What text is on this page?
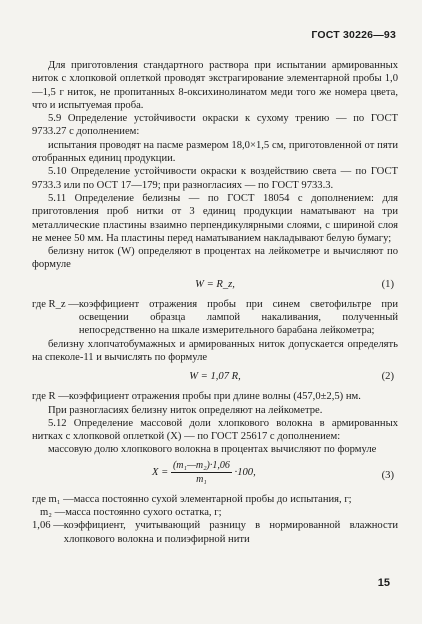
ГОСТ 30226—93

Для приготовления стандартного раствора при испытании армированных ниток с хлопковой оплеткой проводят экстрагирование элементарной пробы 1,0—1,5 г ниток, не пропитанных 8-оксихинолинатом меди того же номера цвета, что и испытуемая проба.

5.9 Определение устойчивости окраски к сухому трению — по ГОСТ 9733.27 с дополнением:

испытания проводят на пасме размером 18,0×1,5 см, приготовленной от пяти отобранных единиц продукции.

5.10 Определение устойчивости окраски к воздействию света — по ГОСТ 9733.3 или по ОСТ 17—179; при разногласиях — по ГОСТ 9733.3.

5.11 Определение белизны — по ГОСТ 18054 с дополнением: для приготовления проб нитки от 3 единиц продукции наматывают на три металлические пластины взаимно перпендикулярными слоями, с шириной слоя не менее 50 мм. На пластины перед наматыванием накладывают белую бумагу;

белизну ниток (W) определяют в процентах на лейкометре и вычисляют по формуле

W = R_z,	(1)
где R_z — коэффициент отражения пробы при синем светофильтре при освещении образца лампой накаливания, полученный непосредственно на шкале измерительного барабана лейкометра;

белизну хлопчатобумажных и армированных ниток допускается определять на спеколе-11 и вычислять по формуле

W = 1,07 R,	(2)
где R — коэффициент отражения пробы при длине волны (457,0±2,5) нм.

При разногласиях белизну ниток определяют на лейкометре.

5.12 Определение массовой доли хлопкового волокна в армированных нитках с хлопковой оплеткой (X) — по ГОСТ 25617 с дополнением:

массовую долю хлопкового волокна в процентах вычисляют по формуле

$X = \frac{\text{(m₁—m₂)·1,06}}{\text{m₁}} \cdot 100$,	(3)
где m₁ — масса постоянно сухой элементарной пробы до испытания, г;
m₂ — масса постоянно сухого остатка, г;
1,06 — коэффициент, учитывающий разницу в нормированной влажности хлопкового волокна и полиэфирной нити
15
